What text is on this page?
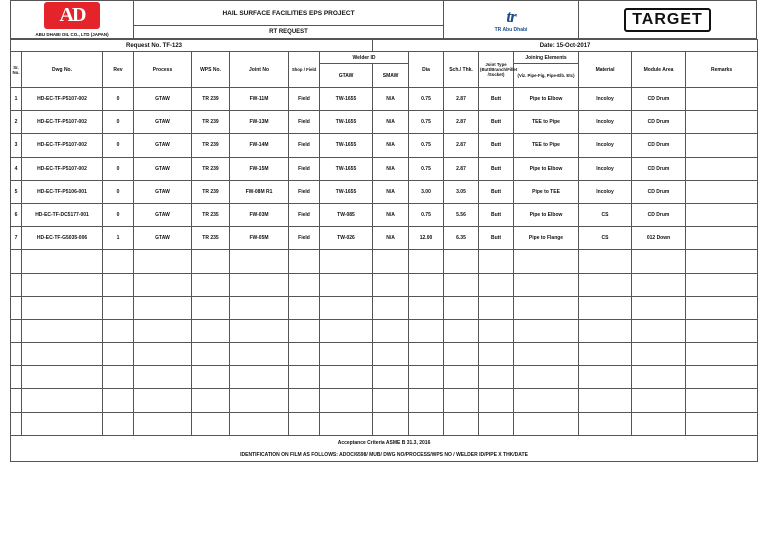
AD
ABU DHABI OIL CO., LTD (JAPAN)
	HAIL SURFACE FACILITIES EPS PROJECT	tr
TR Abu Dhabi
	TARGET
RT REQUEST
Request No. TF-123								Date: 15-Oct-2017							
Sr. No.	Dwg No.	Rev	Process	WPS No.	Joint No	Shop / Field	Welder ID		Dia	Sch./ Thk.	Joint Type (Butt/Branch/Fillet /Socket)	Joining Elements	Material	Module Area	Remarks
							GTAW	SMAW				(Viz. Pipe-Fig, Pipe-Elb. Etc)			
1	HD-EC-TF-P5107-002	0	GTAW	TR 239	FW-11M	Field	TW-1655	N/A	0.75	2.87	Butt	Pipe to Elbow	Incoloy	CD Drum	
2	HD-EC-TF-P5107-002	0	GTAW	TR 239	FW-13M	Field	TW-1655	N/A	0.75	2.87	Butt	TEE to Pipe	Incoloy	CD Drum	
3	HD-EC-TF-P5107-002	0	GTAW	TR 239	FW-14M	Field	TW-1655	N/A	0.75	2.87	Butt	TEE to Pipe	Incoloy	CD Drum	
4	HD-EC-TF-P5107-002	0	GTAW	TR 239	FW-15M	Field	TW-1655	N/A	0.75	2.87	Butt	Pipe to Elbow	Incoloy	CD Drum	
5	HD-EC-TF-P5106-001	0	GTAW	TR 239	FW-08M R1	Field	TW-1655	N/A	3.00	3.05	Butt	Pipe to TEE	Incoloy	CD Drum	
6	HD-EC-TF-DC5177-001	0	GTAW	TR 235	FW-03M	Field	TW-085	N/A	0.75	5.56	Butt	Pipe to Elbow	CS	CD Drum	
7	HD-EC-TF-G5035-006	1	GTAW	TR 235	FW-05M	Field	TW-026	N/A	12.00	6.35	Butt	Pipe to Flange	CS	012 Down	

Acceptance Criteria ASME B 31.3, 2016															
IDENTIFICATION ON FILM AS FOLLOWS: ADOC/6598/ MUB/ DWG NO/PROCESS/WPS NO / WELDER ID/PIPE X THK/DATE															
